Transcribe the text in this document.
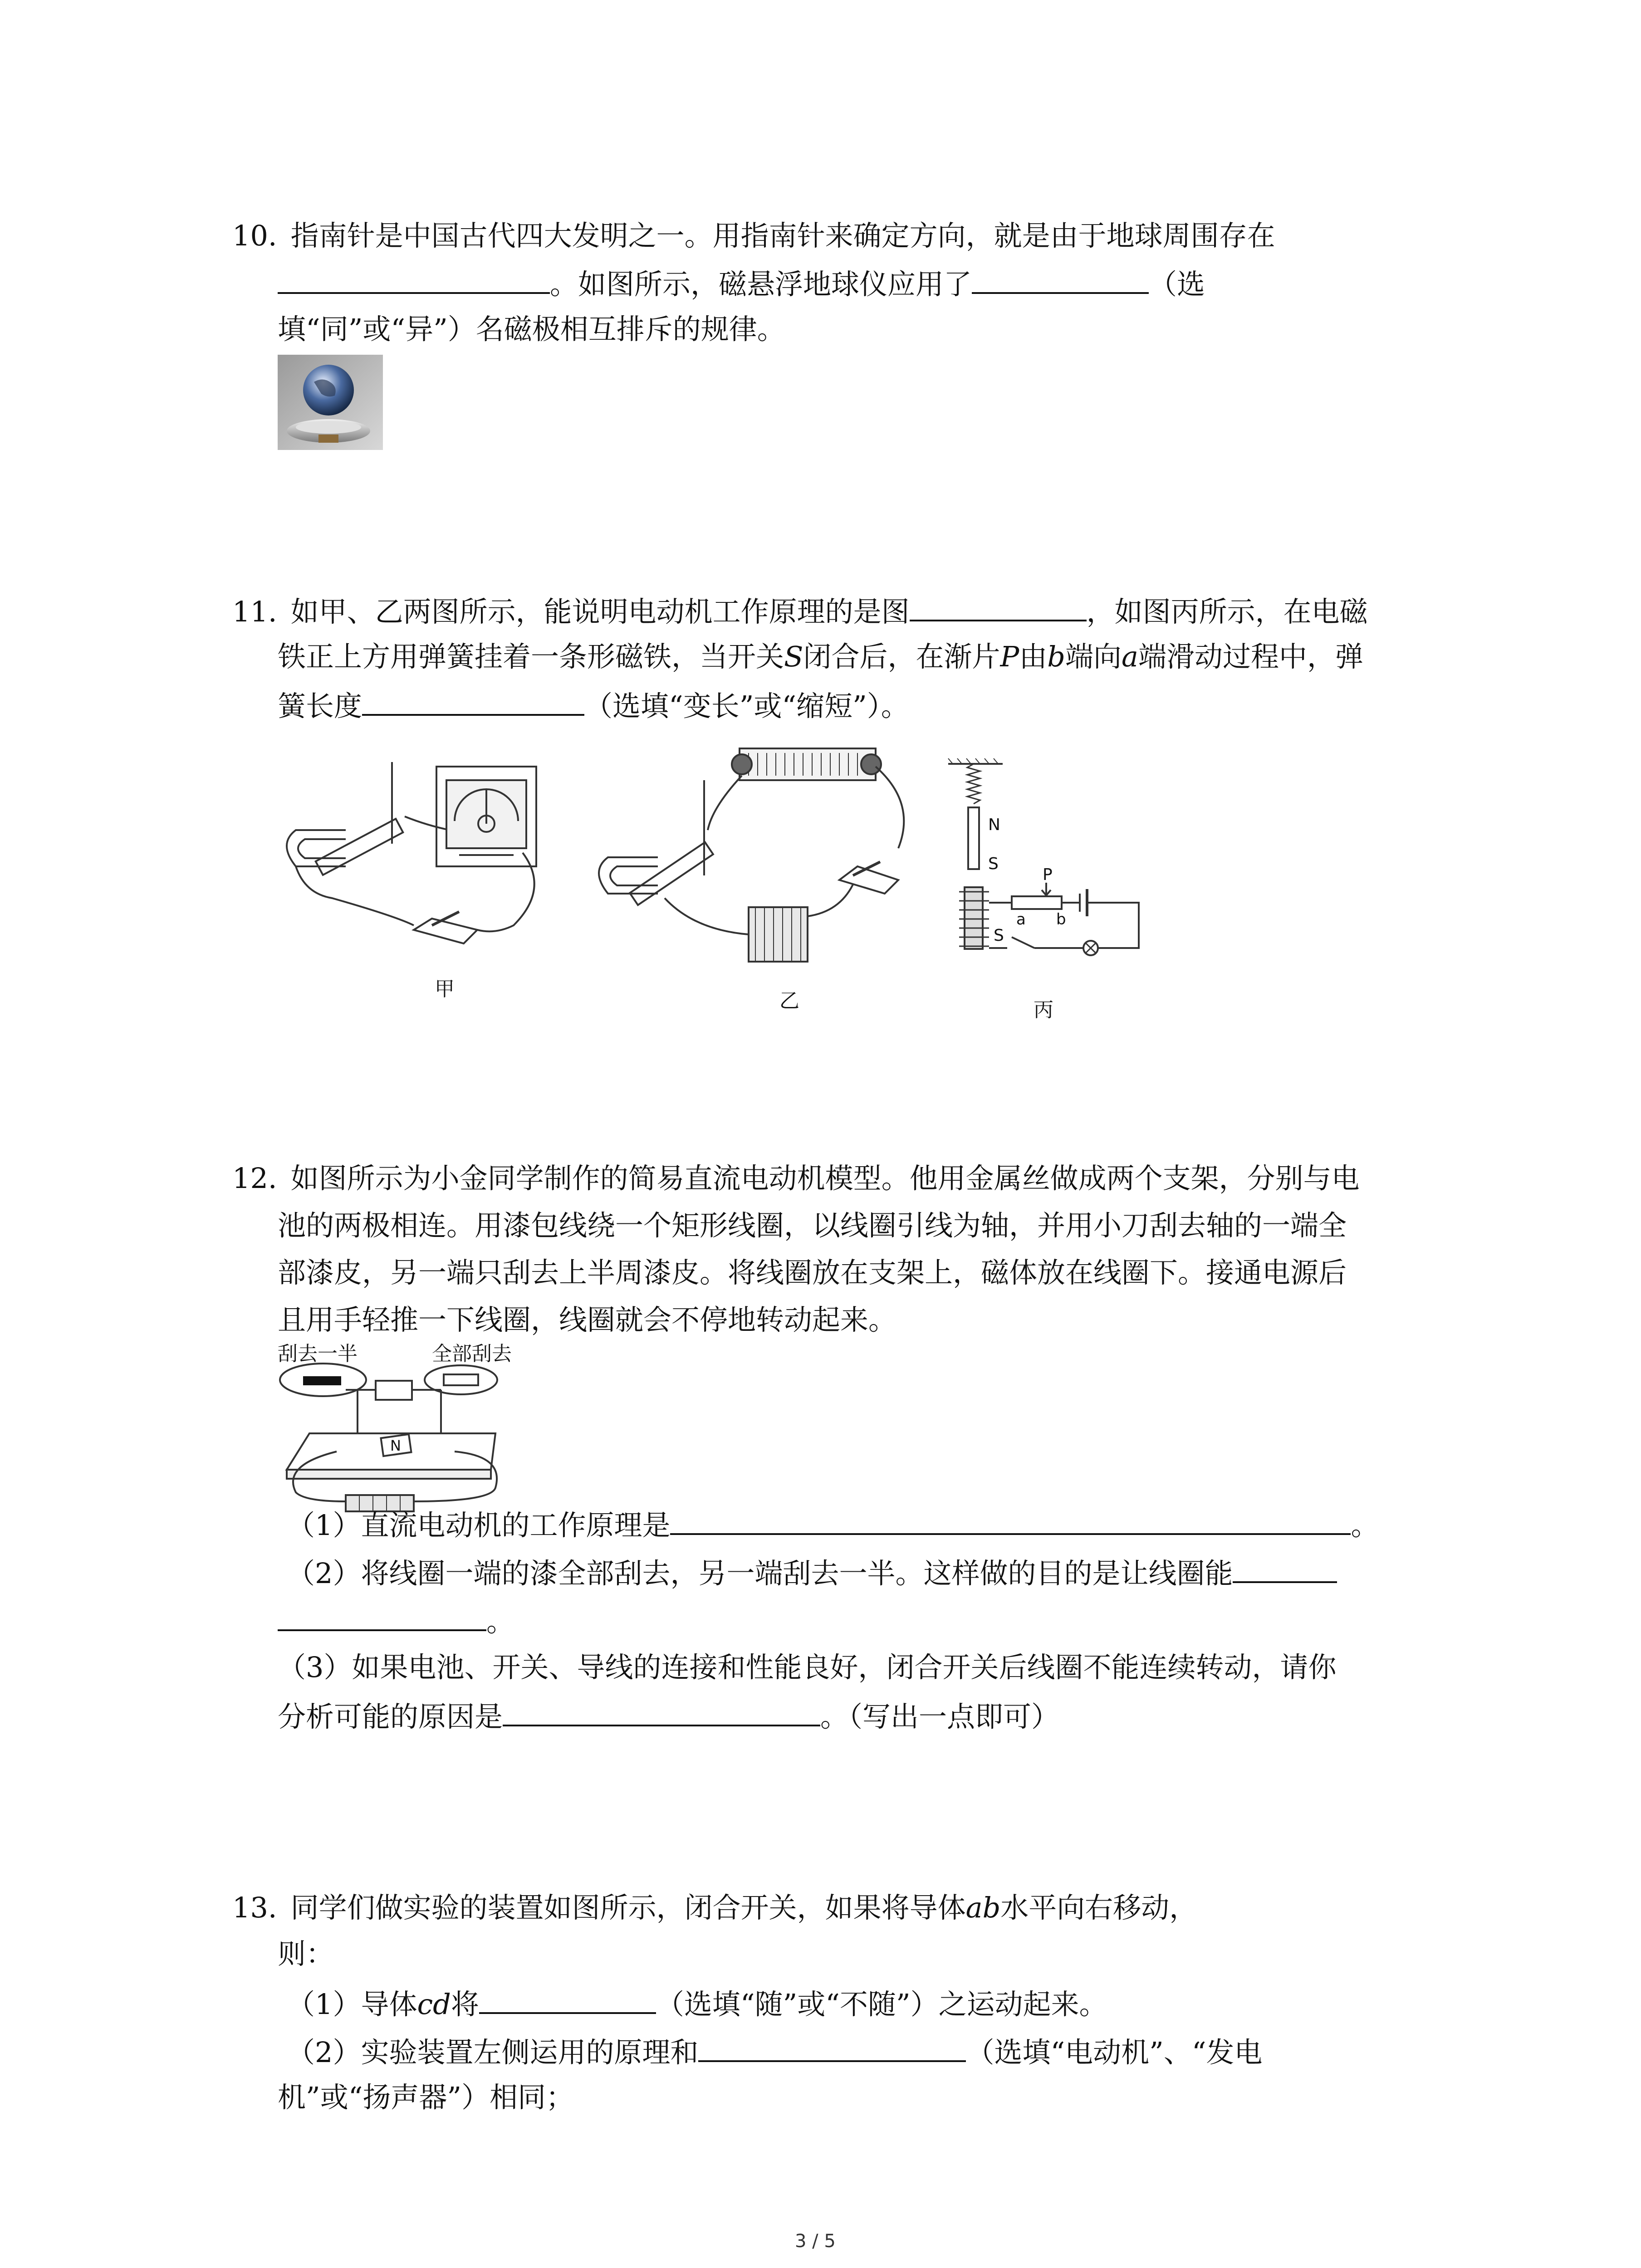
10. 指南针是中国古代四大发明之一。用指南针来确定方向，就是由于地球周围存在
。如图所示，磁悬浮地球仪应用了	（选
填“同”或“异”）名磁极相互排斥的规律。
11. 如甲、乙两图所示，能说明电动机工作原理的是图	，如图丙所示，在电磁
铁正上方用弹簧挂着一条形磁铁，当开关S闭合后，在渐片P由b端向a端滑动过程中，弹
簧长度	（选填“变长”或“缩短”）。
甲
乙
N
S
P
a b
S
丙
12. 如图所示为小金同学制作的简易直流电动机模型。他用金属丝做成两个支架，分别与电
池的两极相连。用漆包线绕一个矩形线圈，以线圈引线为轴，并用小刀刮去轴的一端全
部漆皮，另一端只刮去上半周漆皮。将线圈放在支架上，磁体放在线圈下。接通电源后
且用手轻推一下线圈，线圈就会不停地转动起来。
刮去一半	全部刮去
N
（1）直流电动机的工作原理是	。
（2）将线圈一端的漆全部刮去，另一端刮去一半。这样做的目的是让线圈能
。
（3）如果电池、开关、导线的连接和性能良好，闭合开关后线圈不能连续转动，请你
分析可能的原因是	。（写出一点即可）
13. 同学们做实验的装置如图所示，闭合开关，如果将导体ab水平向右移动，
则：
（1）导体cd将	（选填“随”或“不随”）之运动起来。
（2）实验装置左侧运用的原理和	（选填“电动机”、“发电
机”或“扬声器”）相同；
3 / 5
